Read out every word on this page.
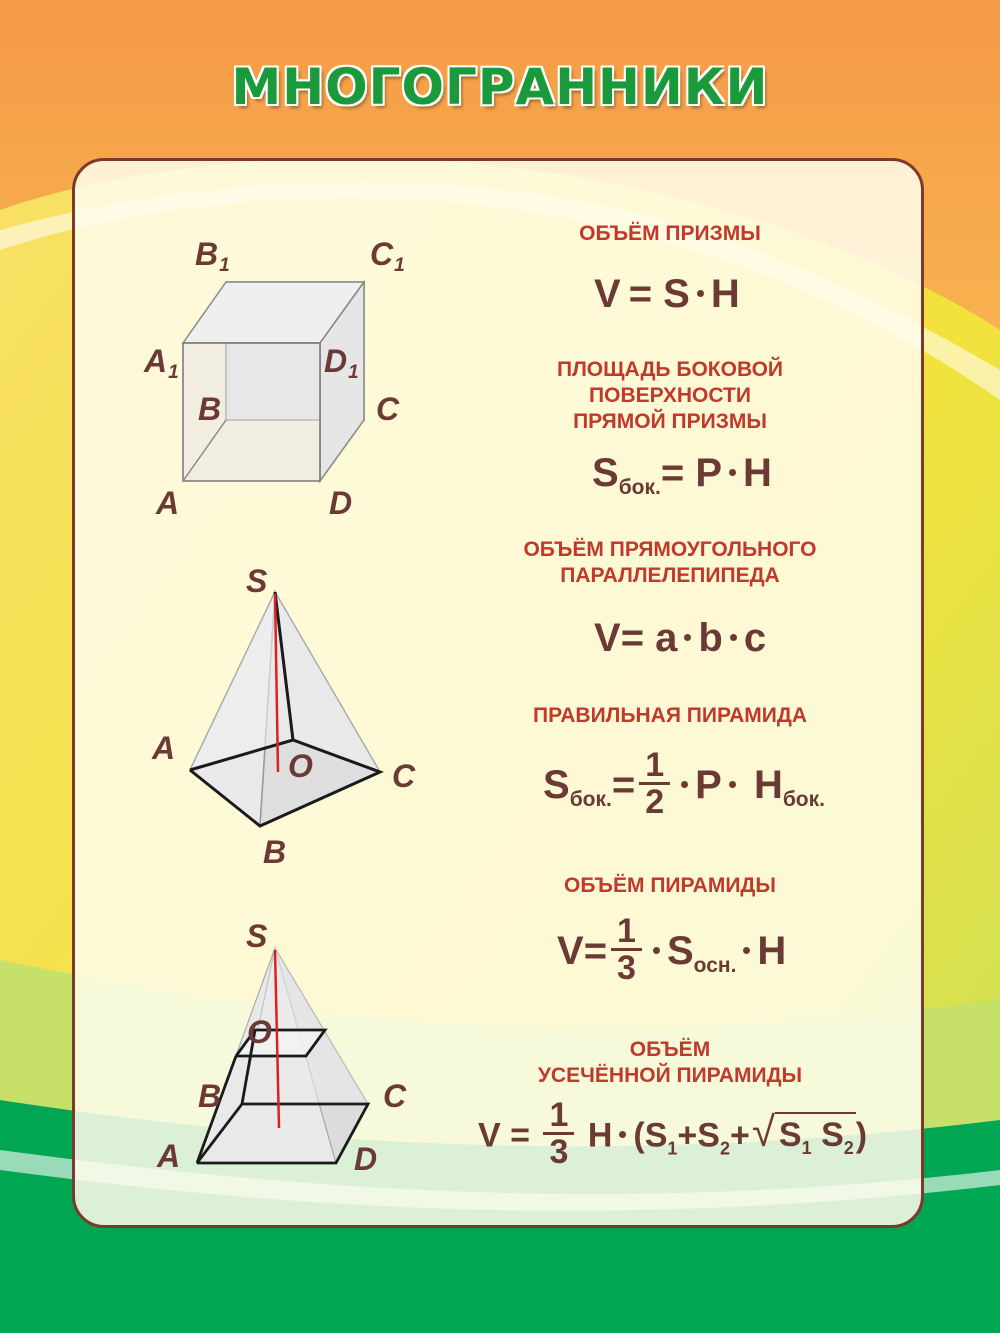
МНОГОГРАННИКИ
$B_1$	$C_1$
$A_1$	$D_1$
B	C
A	D
S
A	O C
B
S
O
B	C
A	D
ОБЪЁМ ПРИЗМЫ
V = S H
ПЛОЩАДЬ БОКОВОЙ
ПОВЕРХНОСТИ
ПРЯМОЙ ПРИЗМЫ
$S_{бок.}= P$ H
ОБЪЁМ ПРЯМОУГОЛЬНОГО
ПАРАЛЛЕЛЕПИПЕДА
V= a b c
ПРАВИЛЬНАЯ ПИРАМИДА
$S_{бок.}= \frac{1}{2}$ P $H_{бок.}$
ОБЪЁМ ПИРАМИДЫ
$V= \frac{1}{3} S_{осн.}$ H
ОБЪЁМ
УСЕЧЁННОЙ ПИРАМИДЫ
$V = \frac{1}{3}$ H ($S_1+S_2+√$ $S_1$ $S_2$)
